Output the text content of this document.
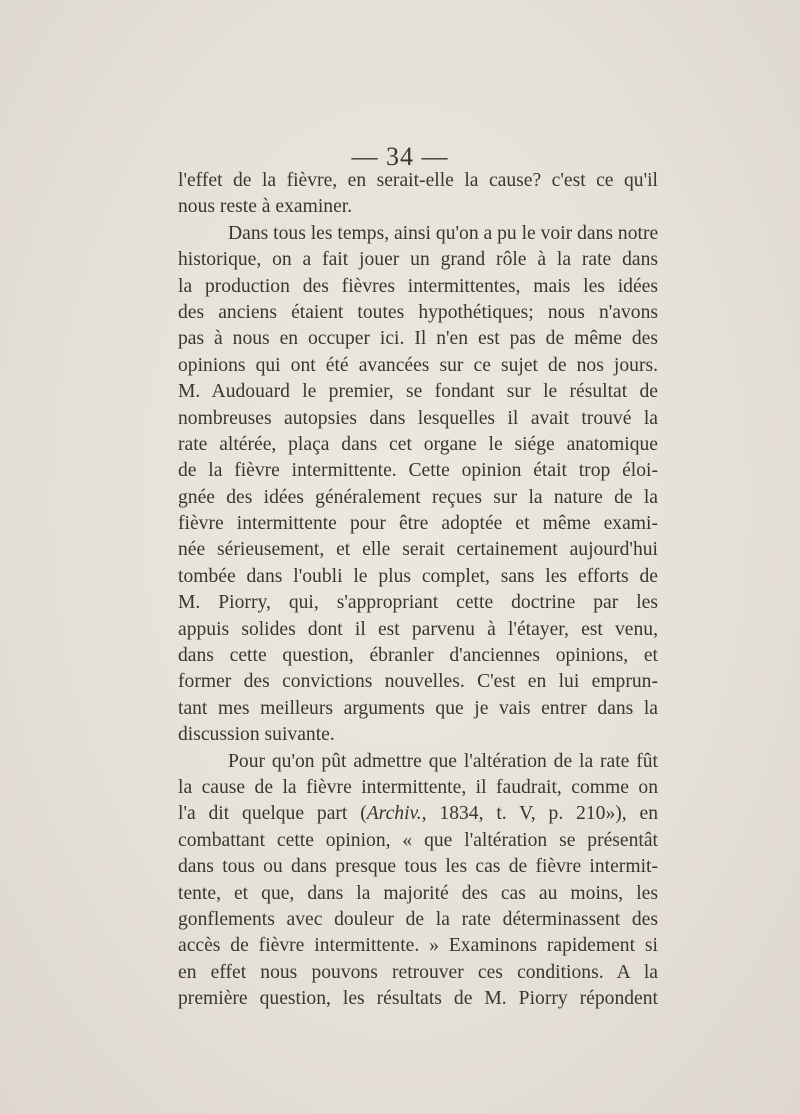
— 34 —
l'effet de la fièvre, en serait-elle la cause? c'est ce qu'il
nous reste à examiner.
Dans tous les temps, ainsi qu'on a pu le voir dans notre
historique, on a fait jouer un grand rôle à la rate dans
la production des fièvres intermittentes, mais les idées
des anciens étaient toutes hypothétiques; nous n'avons
pas à nous en occuper ici. Il n'en est pas de même des
opinions qui ont été avancées sur ce sujet de nos jours.
M. Audouard le premier, se fondant sur le résultat de
nombreuses autopsies dans lesquelles il avait trouvé la
rate altérée, plaça dans cet organe le siége anatomique
de la fièvre intermittente. Cette opinion était trop éloi-
gnée des idées généralement reçues sur la nature de la
fièvre intermittente pour être adoptée et même exami-
née sérieusement, et elle serait certainement aujourd'hui
tombée dans l'oubli le plus complet, sans les efforts de
M. Piorry, qui, s'appropriant cette doctrine par les
appuis solides dont il est parvenu à l'étayer, est venu,
dans cette question, ébranler d'anciennes opinions, et
former des convictions nouvelles. C'est en lui emprun-
tant mes meilleurs arguments que je vais entrer dans la
discussion suivante.
Pour qu'on pût admettre que l'altération de la rate fût
la cause de la fièvre intermittente, il faudrait, comme on
l'a dit quelque part (Archiv., 1834, t. V, p. 210»), en
combattant cette opinion, « que l'altération se présentât
dans tous ou dans presque tous les cas de fièvre intermit-
tente, et que, dans la majorité des cas au moins, les
gonflements avec douleur de la rate déterminassent des
accès de fièvre intermittente. » Examinons rapidement si
en effet nous pouvons retrouver ces conditions. A la
première question, les résultats de M. Piorry répondent
